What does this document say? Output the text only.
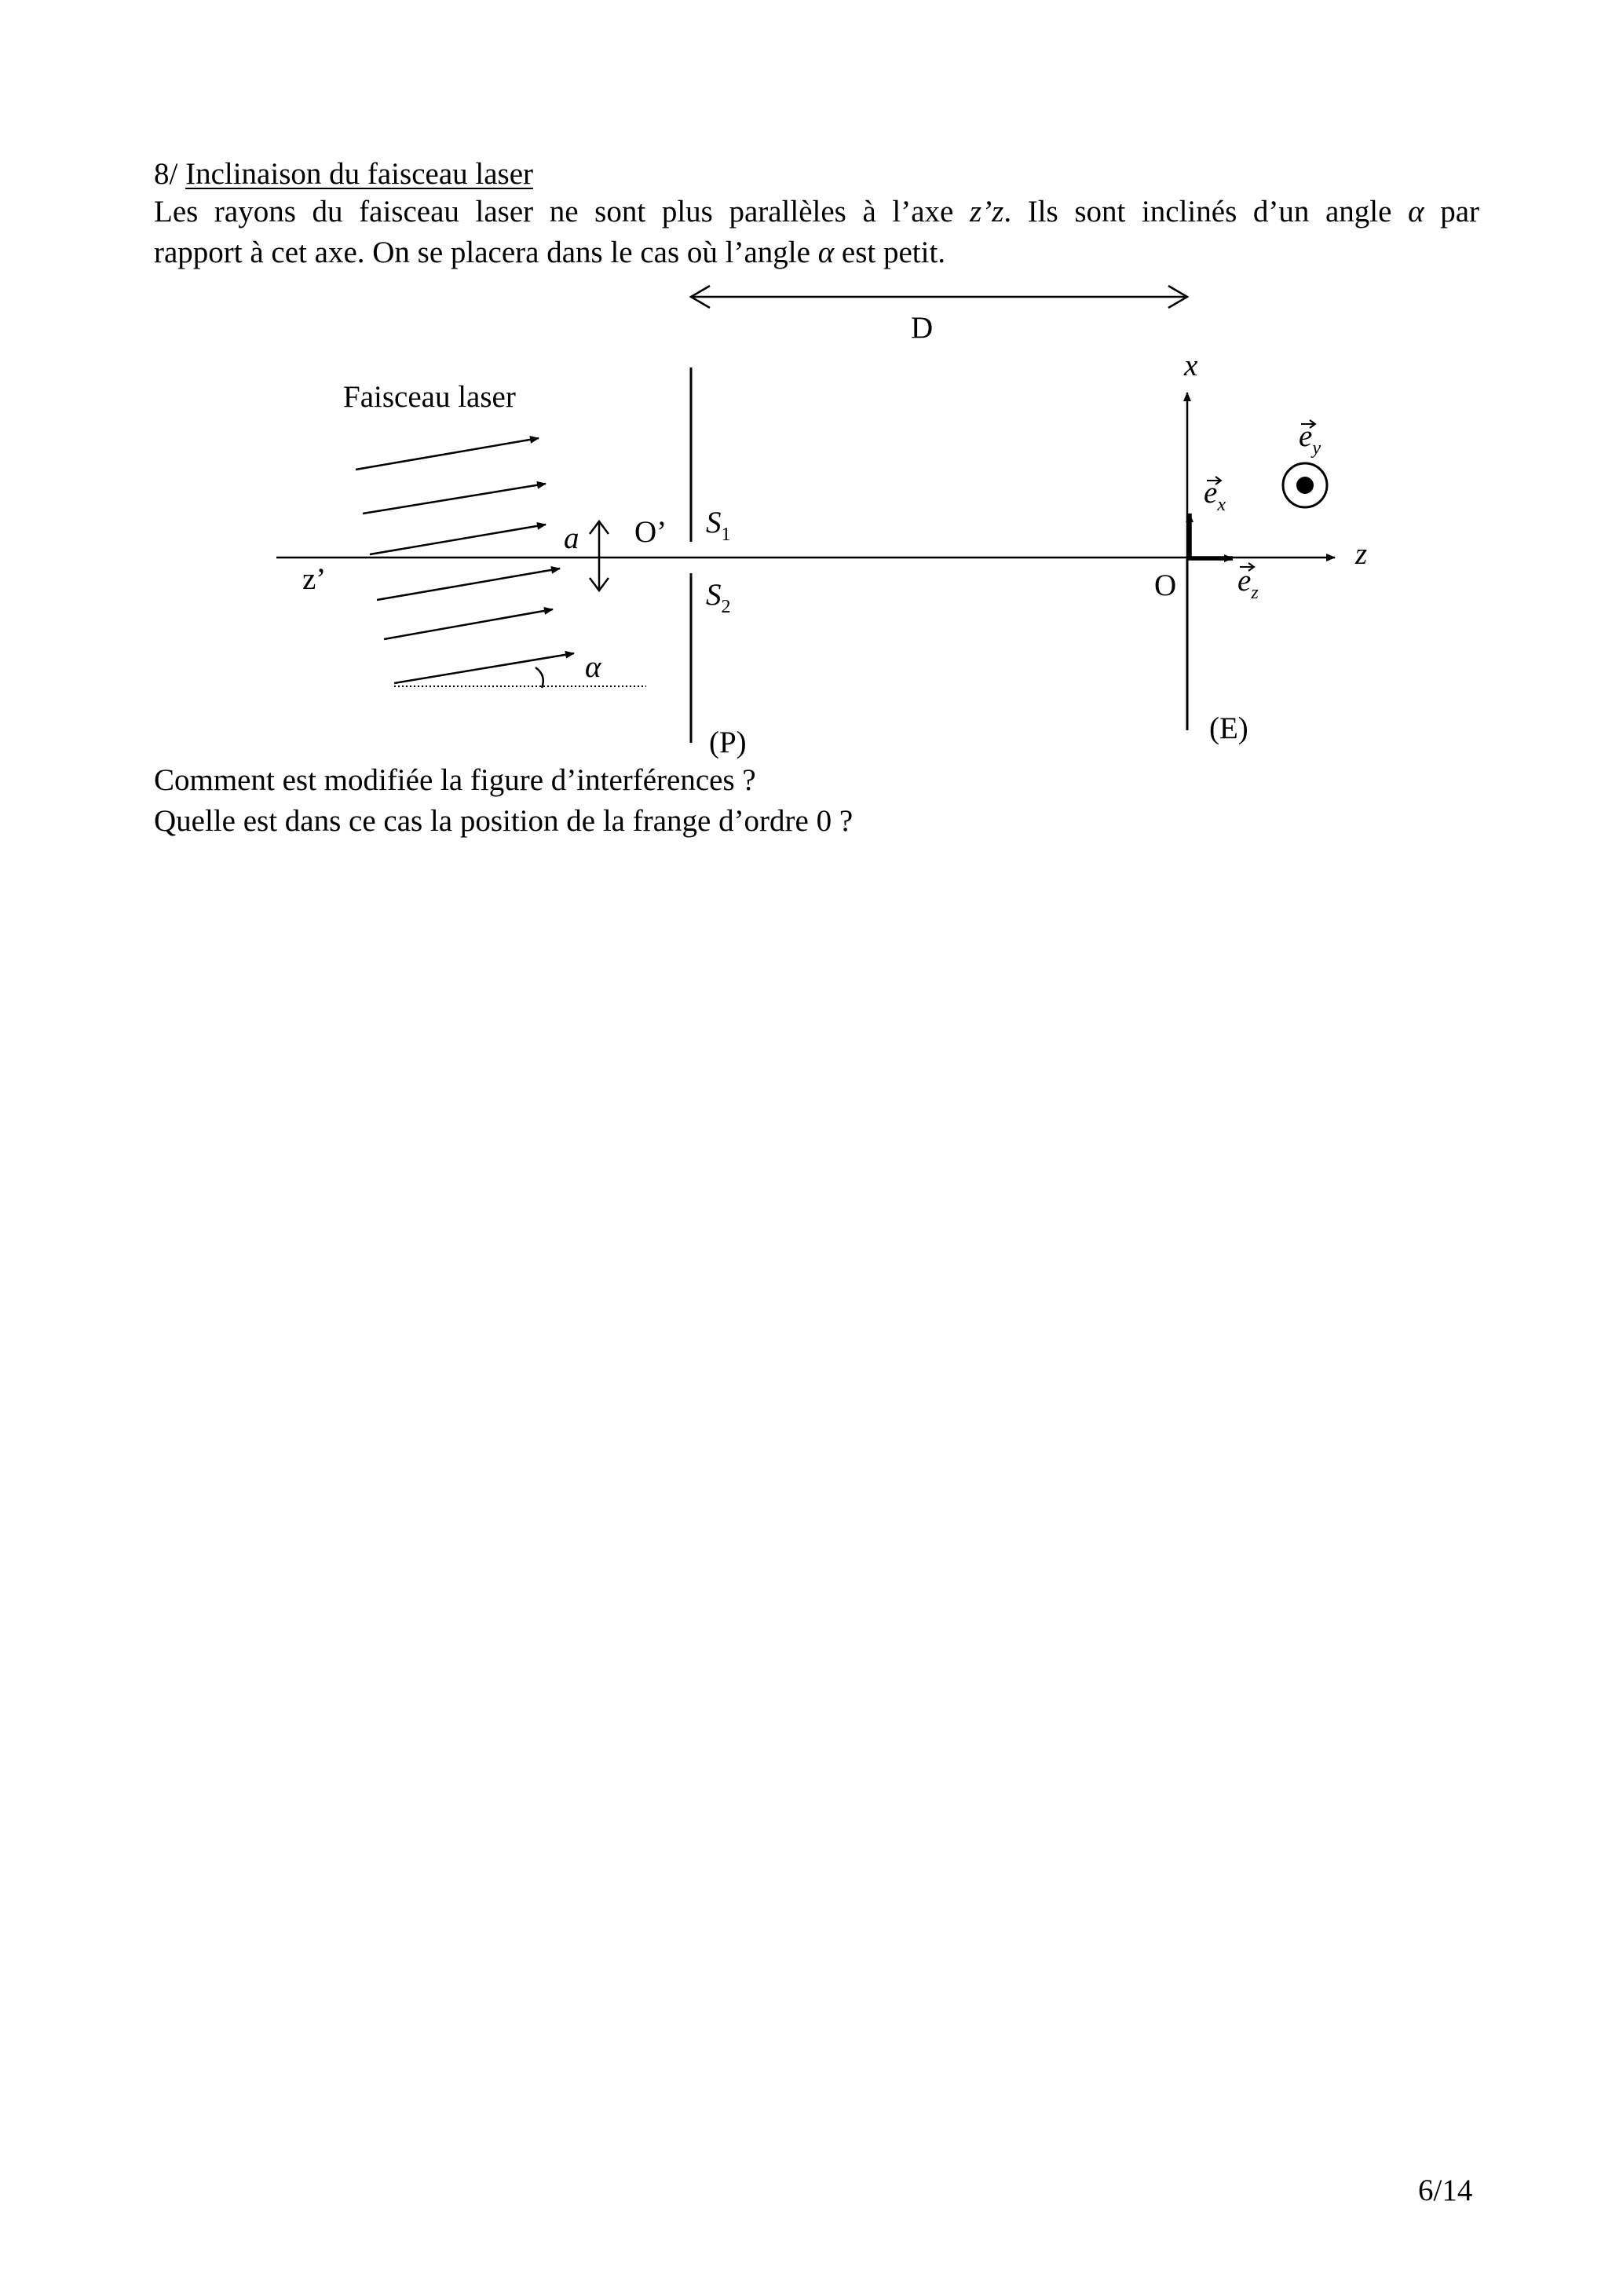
8/ Inclinaison du faisceau laser
Les rayons du faisceau laser ne sont plus parallèles à l’axe z’z. Ils sont inclinés d’un angle α par
rapport à cet axe. On se placera dans le cas où l’angle α est petit.
D
Faisceau laser
α
z’
z
(P)
a O’ $S_1$
$S_2$
x
(E)
O
$e_x$
$e_z$
$e_y$
Comment est modifiée la figure d’interférences ?
Quelle est dans ce cas la position de la frange d’ordre 0 ?
6/14
